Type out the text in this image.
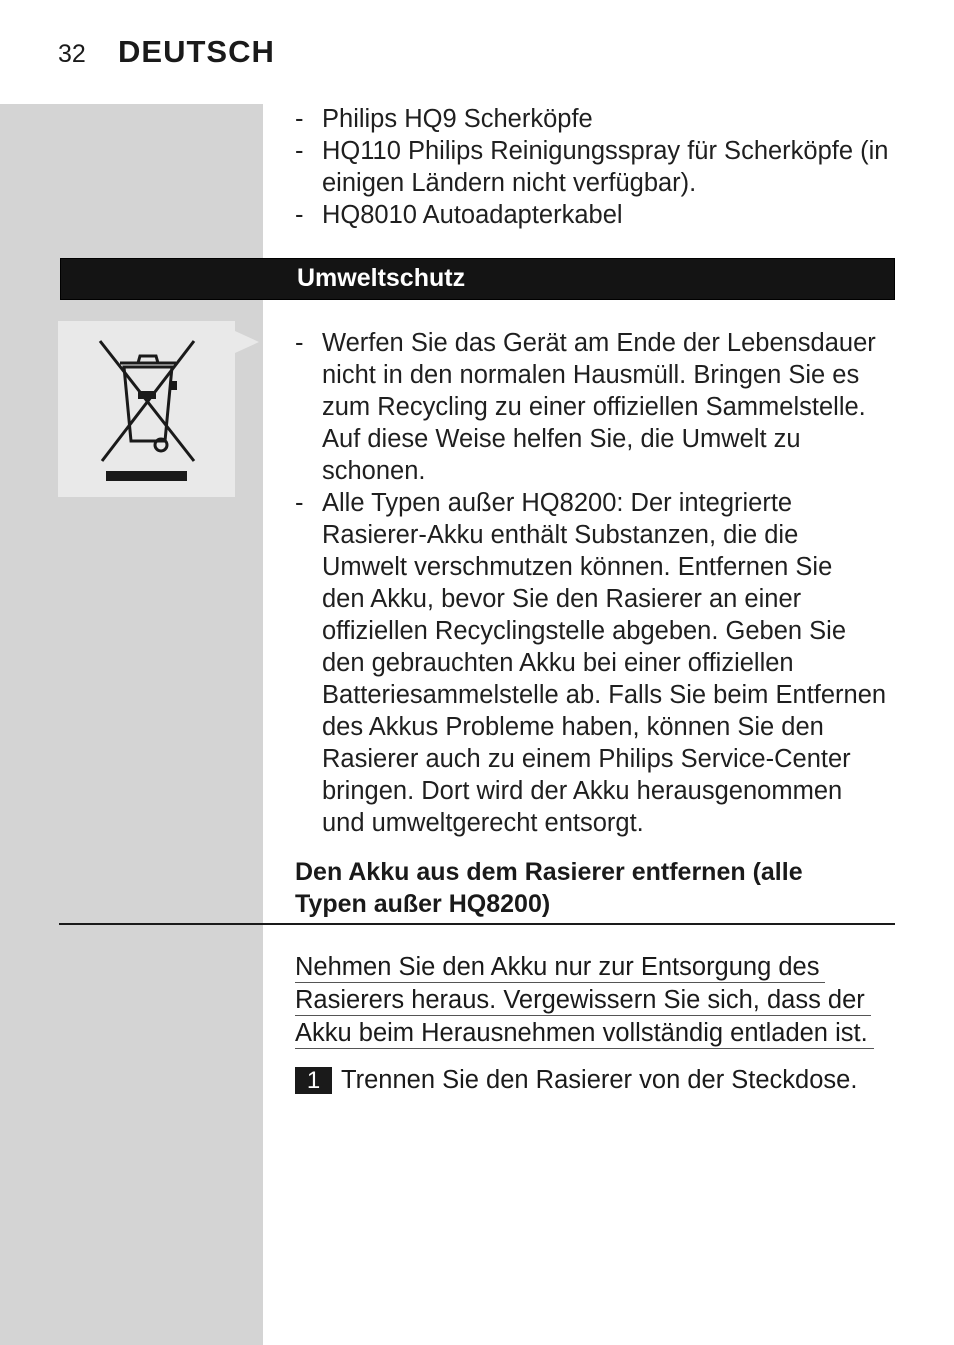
32 DEUTSCH
- Philips HQ9 Scherköpfe
- HQ110 Philips Reinigungsspray für Scherköpfe (in
einigen Ländern nicht verfügbar).
- HQ8010 Autoadapterkabel
Umweltschutz
- Werfen Sie das Gerät am Ende der Lebensdauer
nicht in den normalen Hausmüll. Bringen Sie es
zum Recycling zu einer offiziellen Sammelstelle.
Auf diese Weise helfen Sie, die Umwelt zu
schonen.
- Alle Typen außer HQ8200: Der integrierte
Rasierer-Akku enthält Substanzen, die die
Umwelt verschmutzen können. Entfernen Sie
den Akku, bevor Sie den Rasierer an einer
offiziellen Recyclingstelle abgeben. Geben Sie
den gebrauchten Akku bei einer offiziellen
Batteriesammelstelle ab. Falls Sie beim Entfernen
des Akkus Probleme haben, können Sie den
Rasierer auch zu einem Philips Service-Center
bringen. Dort wird der Akku herausgenommen
und umweltgerecht entsorgt.
Den Akku aus dem Rasierer entfernen (alle
Typen außer HQ8200)
Nehmen Sie den Akku nur zur Entsorgung des
Rasierers heraus. Vergewissern Sie sich, dass der
Akku beim Herausnehmen vollständig entladen ist.
1 Trennen Sie den Rasierer von der Steckdose.
